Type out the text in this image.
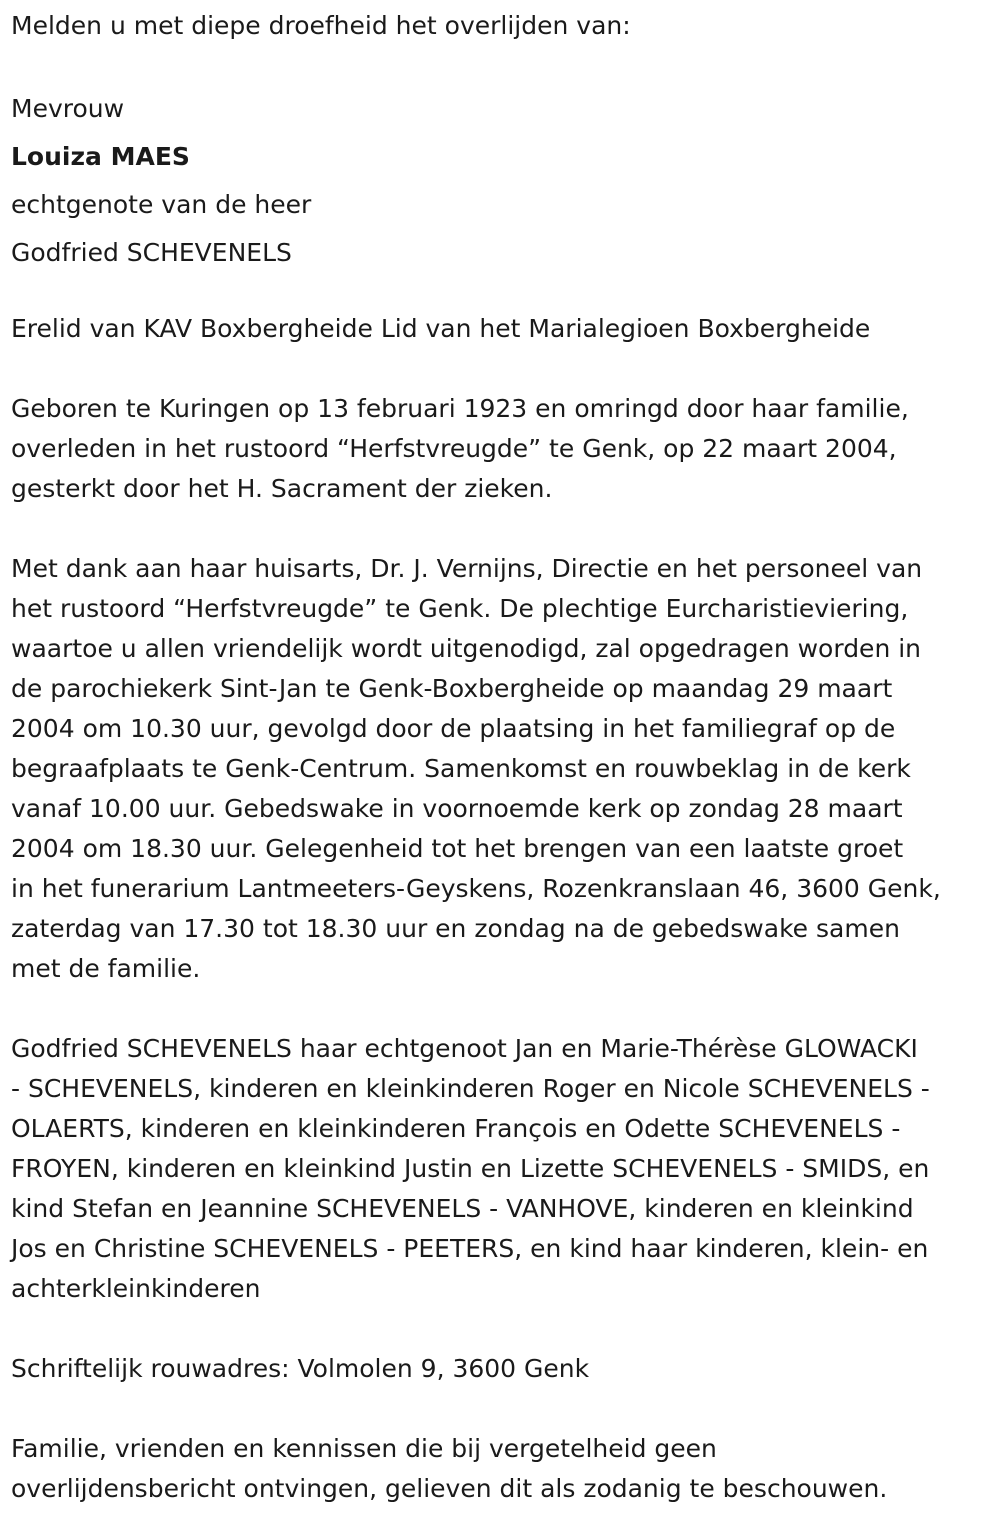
Melden u met diepe droefheid het overlijden van:

Mevrouw

Louiza MAES

echtgenote van de heer

Godfried SCHEVENELS

Erelid van KAV Boxbergheide Lid van het Marialegioen Boxbergheide

Geboren te Kuringen op 13 februari 1923 en omringd door haar familie,

overleden in het rustoord “Herfstvreugde” te Genk, op 22 maart 2004,

gesterkt door het H. Sacrament der zieken.

Met dank aan haar huisarts, Dr. J. Vernijns, Directie en het personeel van

het rustoord “Herfstvreugde” te Genk. De plechtige Eurcharistieviering,

waartoe u allen vriendelijk wordt uitgenodigd, zal opgedragen worden in

de parochiekerk Sint-Jan te Genk-Boxbergheide op maandag 29 maart

2004 om 10.30 uur, gevolgd door de plaatsing in het familiegraf op de

begraafplaats te Genk-Centrum. Samenkomst en rouwbeklag in de kerk

vanaf 10.00 uur. Gebedswake in voornoemde kerk op zondag 28 maart

2004 om 18.30 uur. Gelegenheid tot het brengen van een laatste groet

in het funerarium Lantmeeters-Geyskens, Rozenkranslaan 46, 3600 Genk,

zaterdag van 17.30 tot 18.30 uur en zondag na de gebedswake samen

met de familie.

Godfried SCHEVENELS haar echtgenoot Jan en Marie-Thérèse GLOWACKI

- SCHEVENELS, kinderen en kleinkinderen Roger en Nicole SCHEVENELS -

OLAERTS, kinderen en kleinkinderen François en Odette SCHEVENELS -

FROYEN, kinderen en kleinkind Justin en Lizette SCHEVENELS - SMIDS, en

kind Stefan en Jeannine SCHEVENELS - VANHOVE, kinderen en kleinkind

Jos en Christine SCHEVENELS - PEETERS, en kind haar kinderen, klein- en

achterkleinkinderen

Schriftelijk rouwadres: Volmolen 9, 3600 Genk

Familie, vrienden en kennissen die bij vergetelheid geen

overlijdensbericht ontvingen, gelieven dit als zodanig te beschouwen.
